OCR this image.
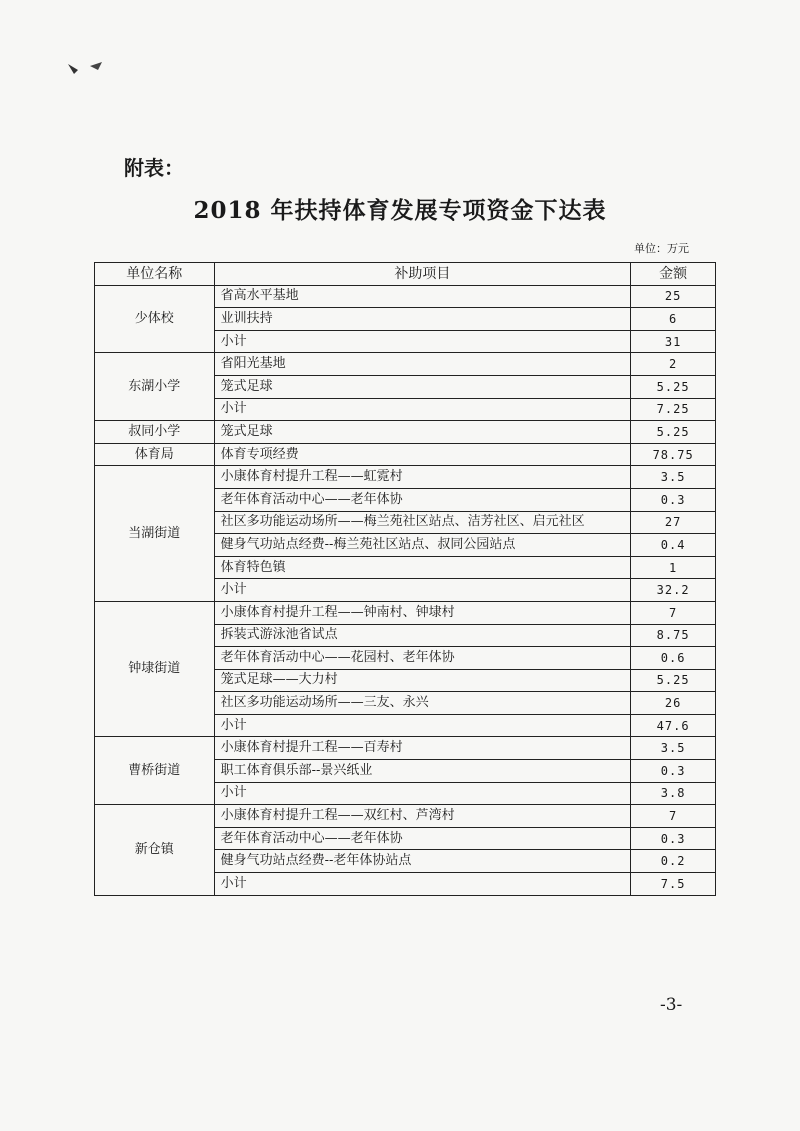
附表：
2018 年扶持体育发展专项资金下达表
单位：万元
单位名称	补助项目	金额
少体校	省高水平基地	25
	业训扶持	6
	小计	31
东湖小学	省阳光基地	2
	笼式足球	5.25
	小计	7.25
叔同小学	笼式足球	5.25
体育局	体育专项经费	78.75
当湖街道	小康体育村提升工程——虹霓村	3.5
	老年体育活动中心——老年体协	0.3
	社区多功能运动场所——梅兰苑社区站点、洁芳社区、启元社区	27
	健身气功站点经费--梅兰苑社区站点、叔同公园站点	0.4
	体育特色镇	1
	小计	32.2
钟埭街道	小康体育村提升工程——钟南村、钟埭村	7
	拆装式游泳池省试点	8.75
	老年体育活动中心——花园村、老年体协	0.6
	笼式足球——大力村	5.25
	社区多功能运动场所——三友、永兴	26
	小计	47.6
曹桥街道	小康体育村提升工程——百寿村	3.5
	职工体育俱乐部--景兴纸业	0.3
	小计	3.8
新仓镇	小康体育村提升工程——双红村、芦湾村	7
	老年体育活动中心——老年体协	0.3
	健身气功站点经费--老年体协站点	0.2
	小计	7.5
-3-
